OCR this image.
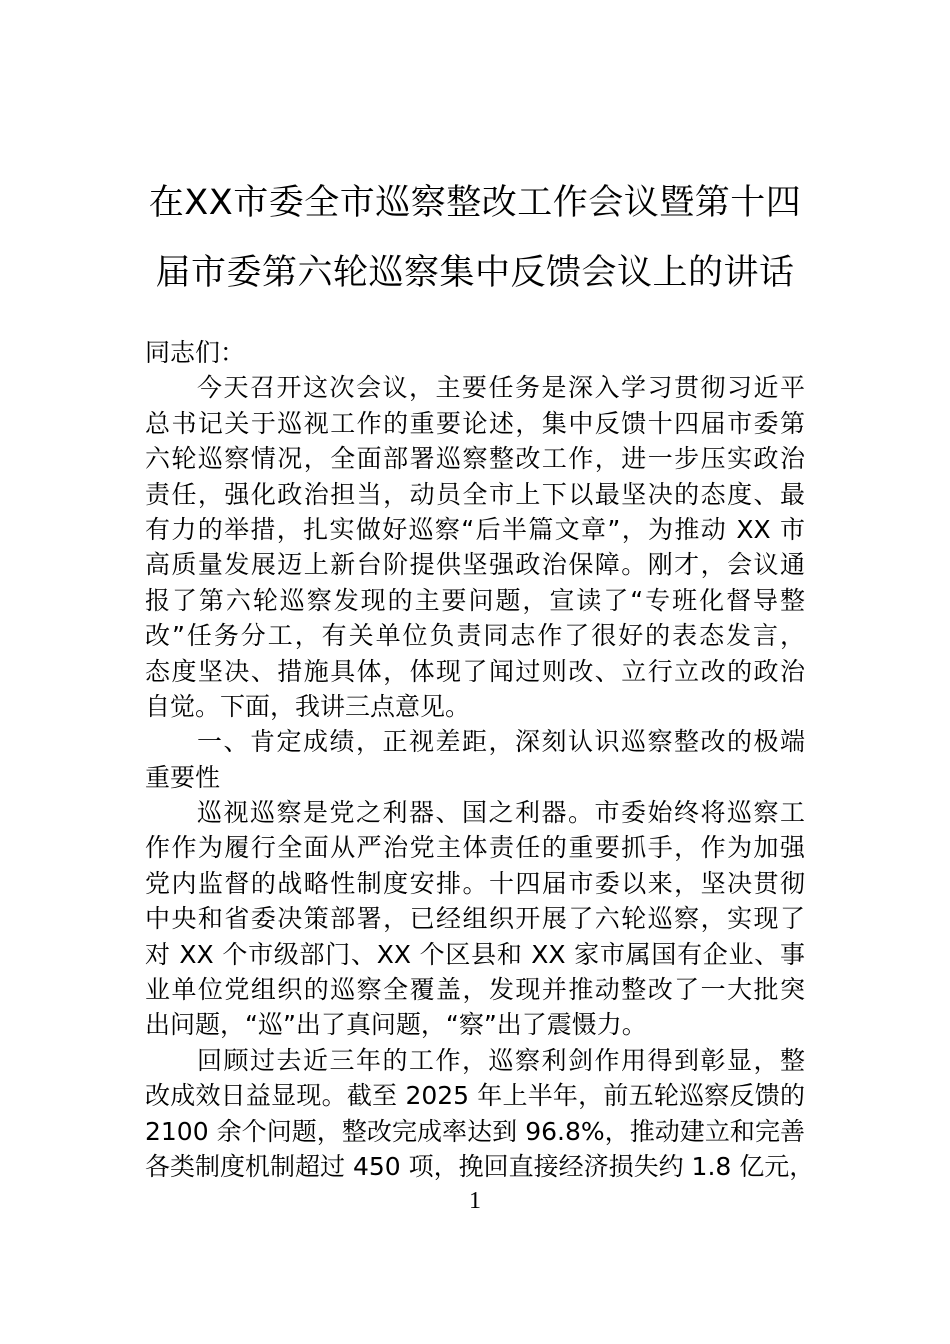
在XX市委全市巡察整改工作会议暨第十四
届市委第六轮巡察集中反馈会议上的讲话
同志们：
今天召开这次会议，主要任务是深入学习贯彻习近平
总书记关于巡视工作的重要论述，集中反馈十四届市委第
六轮巡察情况，全面部署巡察整改工作，进一步压实政治
责任，强化政治担当，动员全市上下以最坚决的态度、最
有力的举措，扎实做好巡察“后半篇文章”，为推动 XX 市
高质量发展迈上新台阶提供坚强政治保障。刚才，会议通
报了第六轮巡察发现的主要问题，宣读了“专班化督导整
改”任务分工，有关单位负责同志作了很好的表态发言，
态度坚决、措施具体，体现了闻过则改、立行立改的政治
自觉。下面，我讲三点意见。
一、肯定成绩，正视差距，深刻认识巡察整改的极端
重要性
巡视巡察是党之利器、国之利器。市委始终将巡察工
作作为履行全面从严治党主体责任的重要抓手，作为加强
党内监督的战略性制度安排。十四届市委以来，坚决贯彻
中央和省委决策部署，已经组织开展了六轮巡察，实现了
对 XX 个市级部门、XX 个区县和 XX 家市属国有企业、事
业单位党组织的巡察全覆盖，发现并推动整改了一大批突
出问题，“巡”出了真问题，“察”出了震慑力。
回顾过去近三年的工作，巡察利剑作用得到彰显，整
改成效日益显现。截至 2025 年上半年，前五轮巡察反馈的
2100 余个问题，整改完成率达到 96.8%，推动建立和完善
各类制度机制超过 450 项，挽回直接经济损失约 1.8 亿元，
1
